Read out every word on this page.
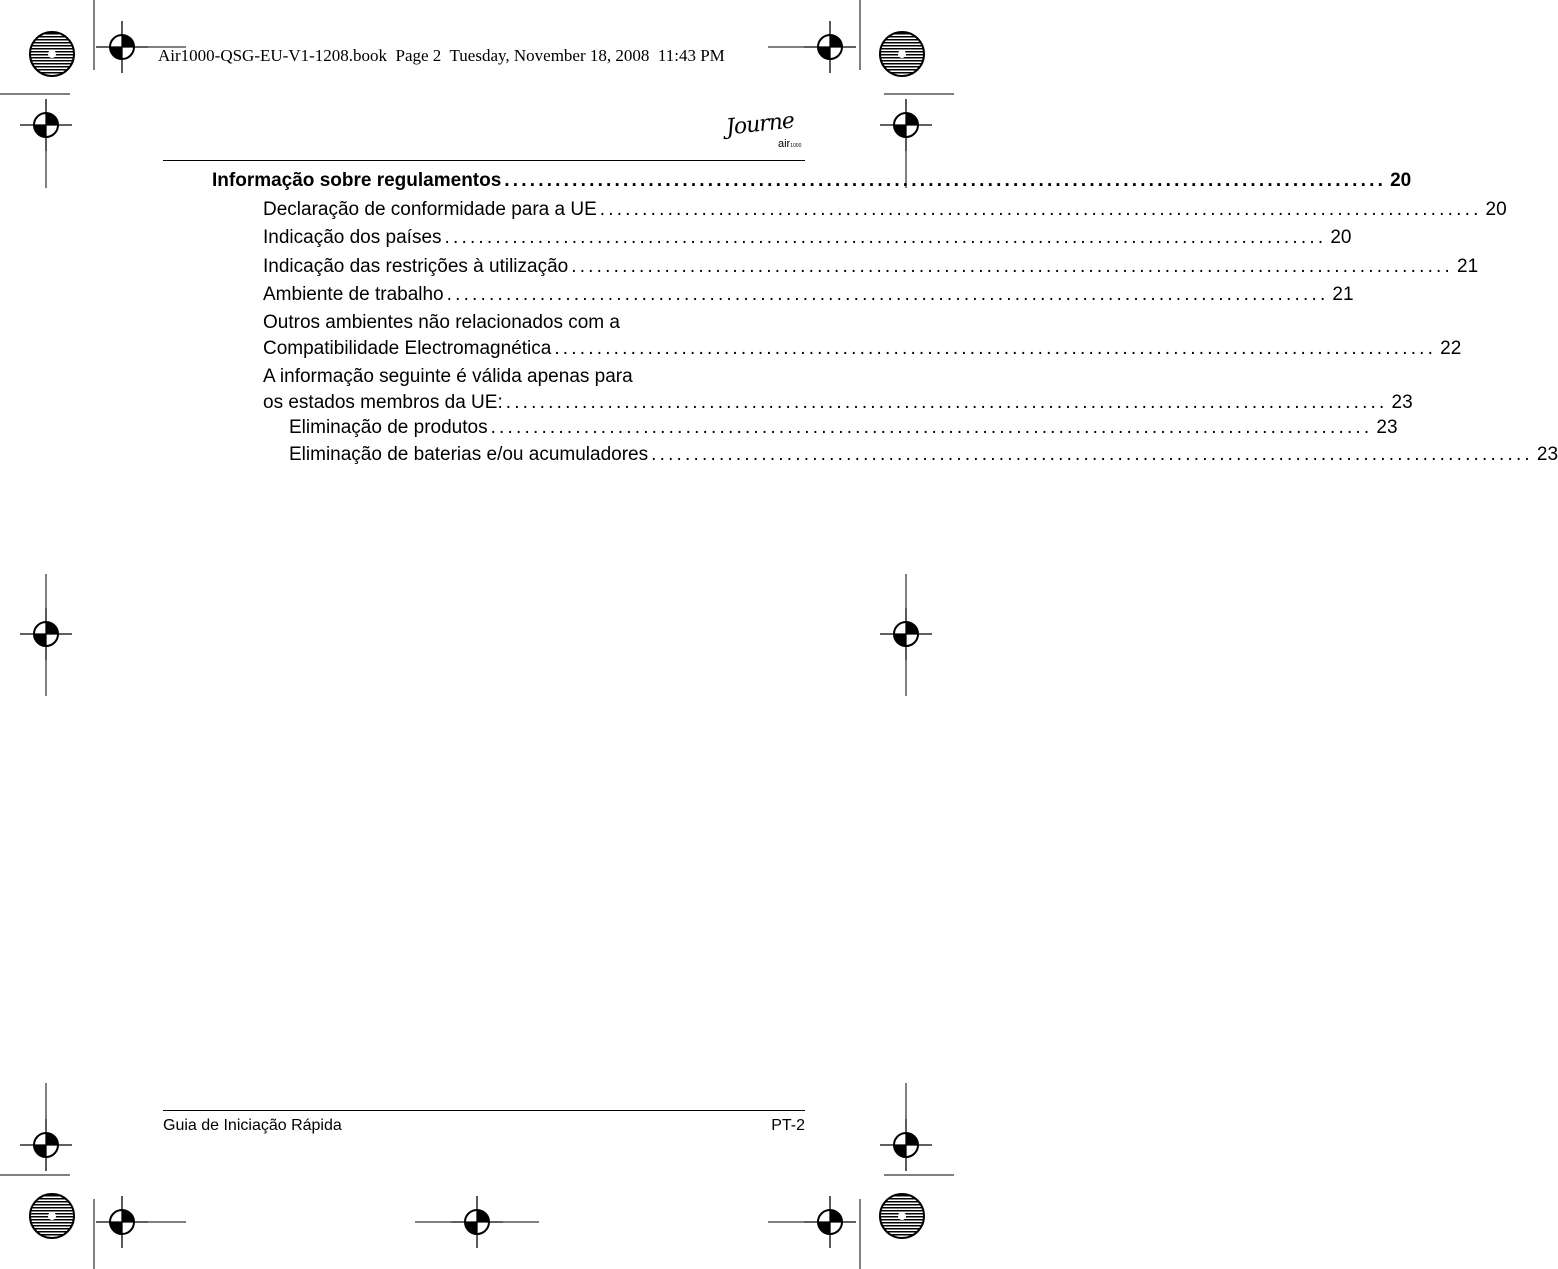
Air1000-QSG-EU-V1-1208.book  Page 2  Tuesday, November 18, 2008  11:43 PM
Journe
air1000
Informação sobre regulamentos ........................................................................................................ 20
Declaração de conformidade para a UE ........................................................................................................ 20
Indicação dos países ........................................................................................................ 20
Indicação das restrições à utilização ........................................................................................................ 21
Ambiente de trabalho ........................................................................................................ 21
Outros ambientes não relacionados com a
Compatibilidade Electromagnética ........................................................................................................ 22
A informação seguinte é válida apenas para
os estados membros da UE: ........................................................................................................ 23
Eliminação de produtos ........................................................................................................ 23
Eliminação de baterias e/ou acumuladores ........................................................................................................ 23
Guia de Iniciação Rápida	PT-2
